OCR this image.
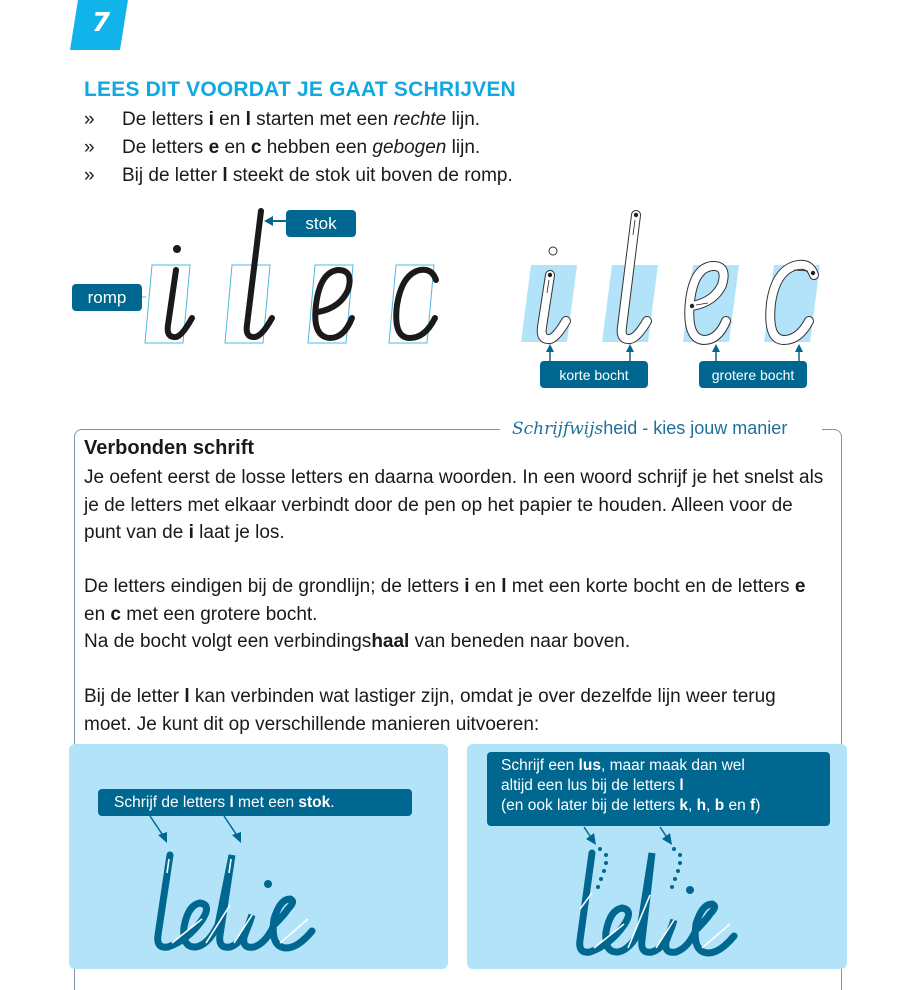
7
LEES DIT VOORDAT JE GAAT SCHRIJVEN
»	De letters i en l starten met een rechte lijn.
»	De letters e en c hebben een gebogen lijn.
»	Bij de letter l steekt de stok uit boven de romp.
stok
romp
korte bocht	grotere bocht
Schrijfwijsheid - kies jouw manier
Verbonden schrift
Je oefent eerst de losse letters en daarna woorden. In een woord schrijf je het snelst als je de letters met elkaar verbindt door de pen op het papier te houden. Alleen voor de punt van de i laat je los.
De letters eindigen bij de grondlijn; de letters i en l met een korte bocht en de letters e en c met een grotere bocht.
Na de bocht volgt een verbindingshaal van beneden naar boven.
Bij de letter l kan verbinden wat lastiger zijn, omdat je over dezelfde lijn weer terug moet. Je kunt dit op verschillende manieren uitvoeren:
Schrijf de letters l met een stok.
Schrijf een lus, maar maak dan wel
altijd een lus bij de letters l
(en ook later bij de letters k, h, b en f)
